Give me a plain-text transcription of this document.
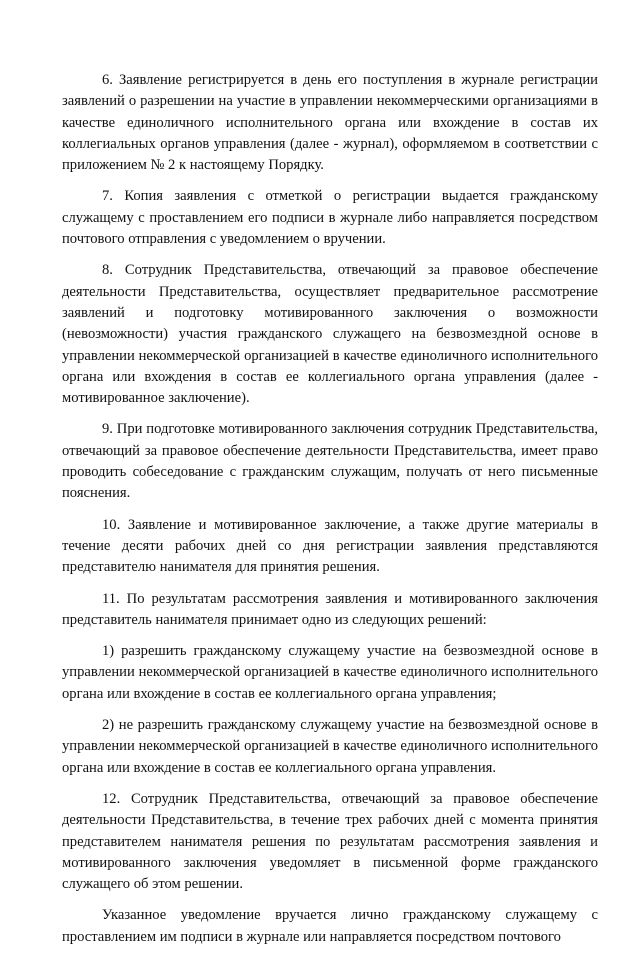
6. Заявление регистрируется в день его поступления в журнале регистрации заявлений о разрешении на участие в управлении некоммерческими организациями в качестве единоличного исполнительного органа или вхождение в состав их коллегиальных органов управления (далее - журнал), оформляемом в соответствии с приложением № 2 к настоящему Порядку.

7. Копия заявления с отметкой о регистрации выдается гражданскому служащему с проставлением его подписи в журнале либо направляется посредством почтового отправления с уведомлением о вручении.

8. Сотрудник Представительства, отвечающий за правовое обеспечение деятельности Представительства, осуществляет предварительное рассмотрение заявлений и подготовку мотивированного заключения о возможности (невозможности) участия гражданского служащего на безвозмездной основе в управлении некоммерческой организацией в качестве единоличного исполнительного органа или вхождения в состав ее коллегиального органа управления (далее - мотивированное заключение).

9. При подготовке мотивированного заключения сотрудник Представительства, отвечающий за правовое обеспечение деятельности Представительства, имеет право проводить собеседование с гражданским служащим, получать от него письменные пояснения.

10. Заявление и мотивированное заключение, а также другие материалы в течение десяти рабочих дней со дня регистрации заявления представляются представителю нанимателя для принятия решения.

11. По результатам рассмотрения заявления и мотивированного заключения представитель нанимателя принимает одно из следующих решений:

1) разрешить гражданскому служащему участие на безвозмездной основе в управлении некоммерческой организацией в качестве единоличного исполнительного органа или вхождение в состав ее коллегиального органа управления;

2) не разрешить гражданскому служащему участие на безвозмездной основе в управлении некоммерческой организацией в качестве единоличного исполнительного органа или вхождение в состав ее коллегиального органа управления.

12. Сотрудник Представительства, отвечающий за правовое обеспечение деятельности Представительства, в течение трех рабочих дней с момента принятия представителем нанимателя решения по результатам рассмотрения заявления и мотивированного заключения уведомляет в письменной форме гражданского служащего об этом решении.

Указанное уведомление вручается лично гражданскому служащему с проставлением им подписи в журнале или направляется посредством почтового
